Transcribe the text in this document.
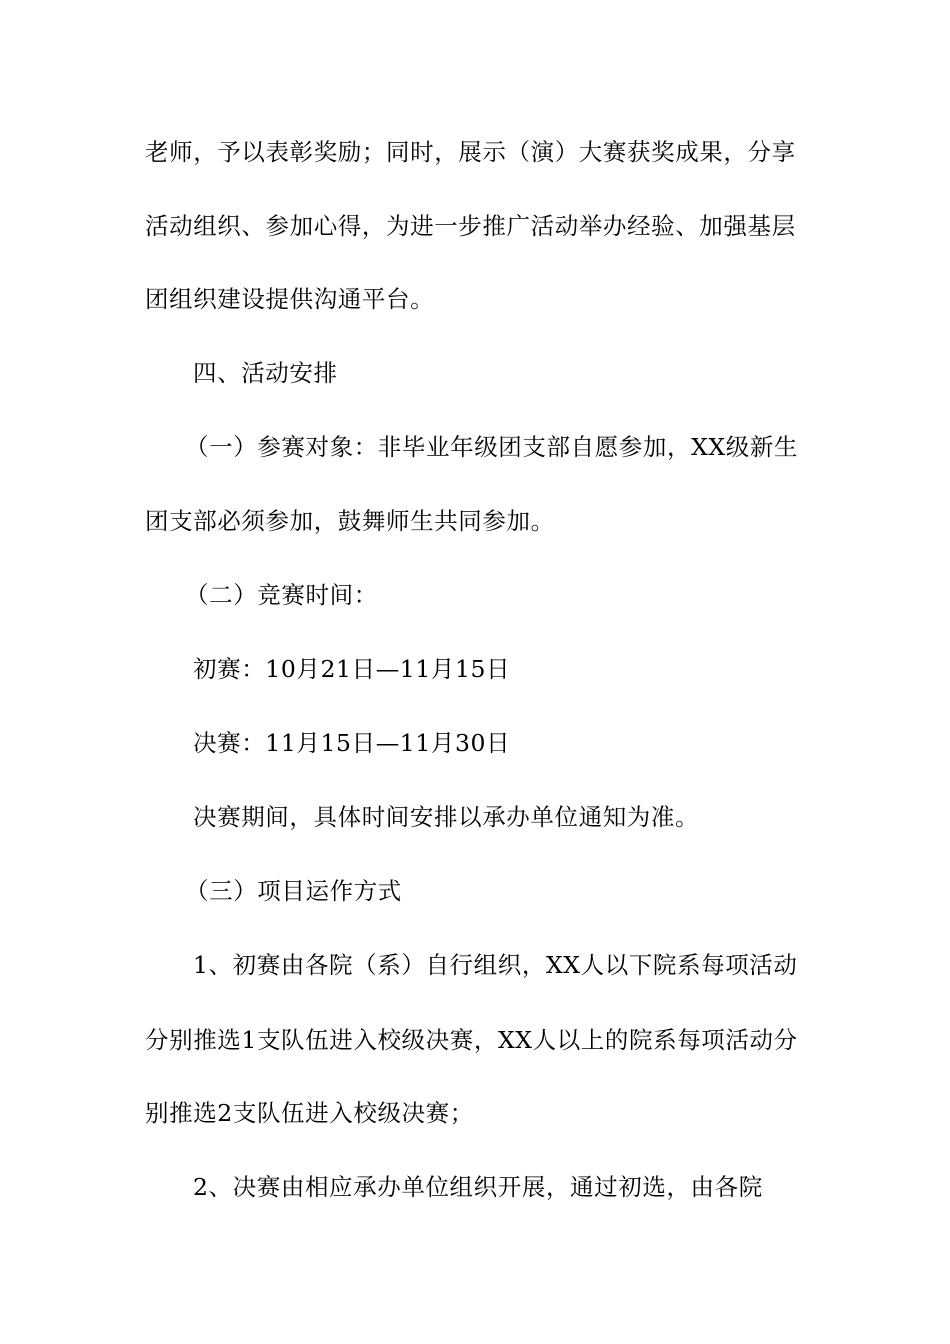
老师，予以表彰奖励；同时，展示（演）大赛获奖成果，分享
活动组织、参加心得，为进一步推广活动举办经验、加强基层
团组织建设提供沟通平台。
四、活动安排
（一）参赛对象：非毕业年级团支部自愿参加，XX级新生
团支部必须参加，鼓舞师生共同参加。
（二）竞赛时间：
初赛：10月21日—11月15日
决赛：11月15日—11月30日
决赛期间，具体时间安排以承办单位通知为准。
（三）项目运作方式
1、初赛由各院（系）自行组织，XX人以下院系每项活动
分别推选1支队伍进入校级决赛，XX人以上的院系每项活动分
别推选2支队伍进入校级决赛；
2、决赛由相应承办单位组织开展，通过初选，由各院
